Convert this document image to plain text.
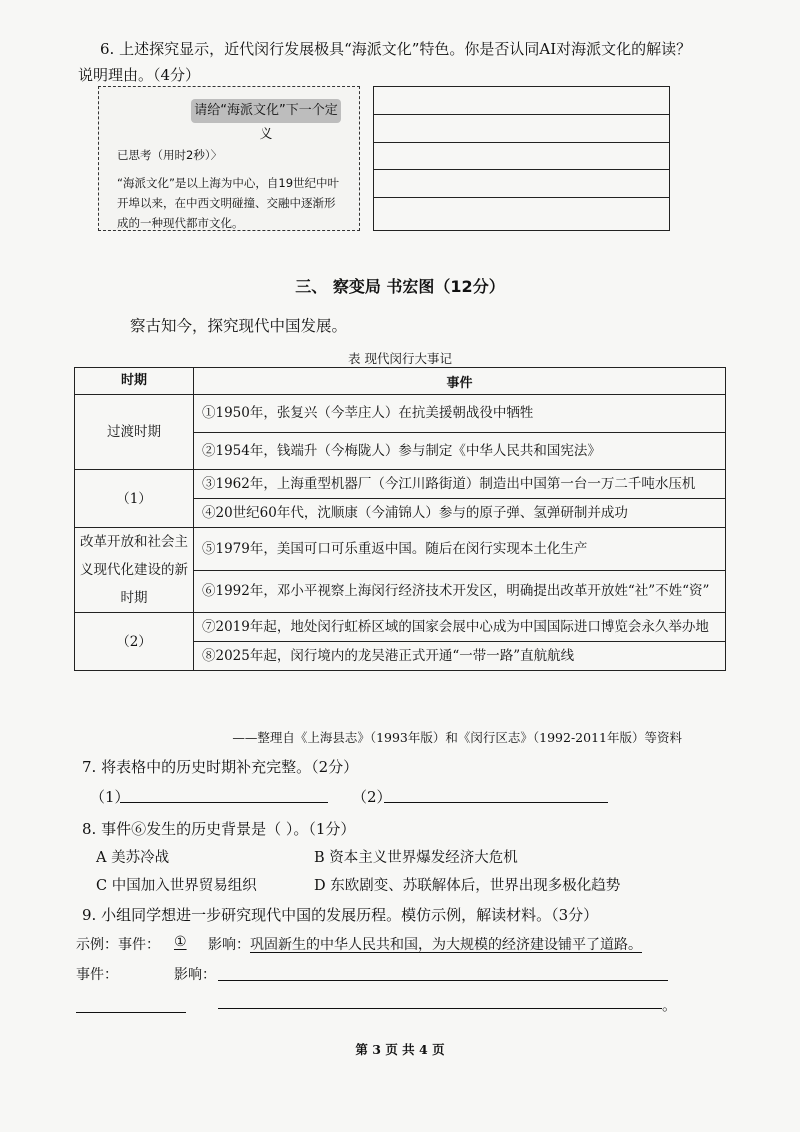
6. 上述探究显示，近代闵行发展极具“海派文化”特色。你是否认同AI对海派文化的解读？
说明理由。（4分）
请给“海派文化”下一个定义
已思考（用时2秒）〉
“海派文化”是以上海为中心，自19世纪中叶开埠以来，在中西文明碰撞、交融中逐渐形成的一种现代都市文化。
三、 察变局 书宏图（12分）
察古知今，探究现代中国发展。
表 现代闵行大事记
时期	事件
过渡时期	①1950年，张复兴（今莘庄人）在抗美援朝战役中牺牲
	②1954年，钱端升（今梅陇人）参与制定《中华人民共和国宪法》
（1）	③1962年，上海重型机器厂（今江川路街道）制造出中国第一台一万二千吨水压机
	④20世纪60年代，沈顺康（今浦锦人）参与的原子弹、氢弹研制并成功
改革开放和社会主义现代化建设的新时期	⑤1979年，美国可口可乐重返中国。随后在闵行实现本土化生产
	⑥1992年，邓小平视察上海闵行经济技术开发区，明确提出改革开放姓“社”不姓“资”
（2）	⑦2019年起，地处闵行虹桥区域的国家会展中心成为中国国际进口博览会永久举办地
	⑧2025年起，闵行境内的龙吴港正式开通“一带一路”直航航线
——整理自《上海县志》（1993年版）和《闵行区志》（1992-2011年版）等资料
7. 将表格中的历史时期补充完整。（2分）
（1）	（2）
8. 事件⑥发生的历史背景是（ ）。（1分）
A 美苏冷战	B 资本主义世界爆发经济大危机
C 中国加入世界贸易组织	D 东欧剧变、苏联解体后，世界出现多极化趋势
9. 小组同学想进一步研究现代中国的发展历程。模仿示例，解读材料。（3分）
示例：事件： ① 影响： 巩固新生的中华人民共和国，为大规模的经济建设铺平了道路。
事件：	影响：
。
第 3 页 共 4 页
